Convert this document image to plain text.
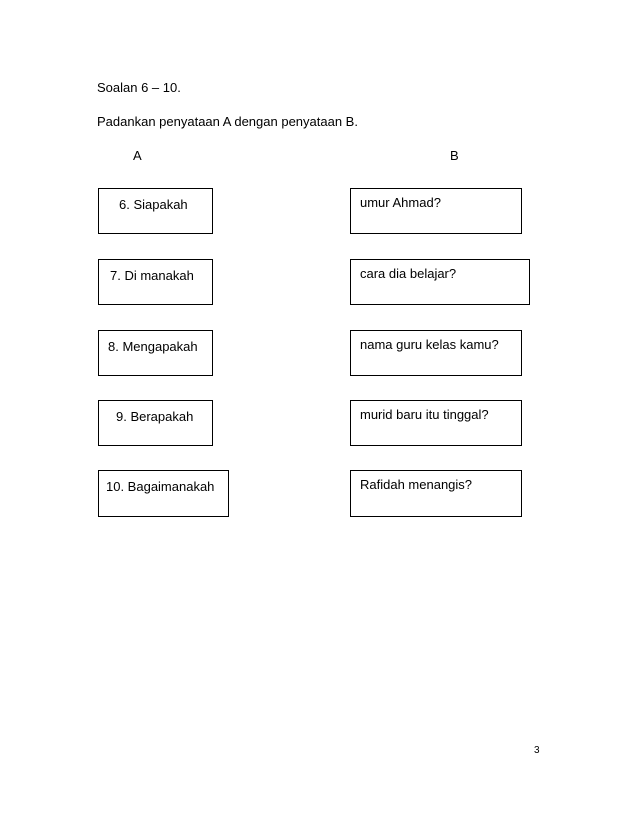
Soalan 6 – 10.
Padankan penyataan A dengan penyataan B.
A	B
6. Siapakah
7. Di manakah
8. Mengapakah
9. Berapakah
10. Bagaimanakah
umur Ahmad?
cara dia belajar?
nama guru kelas kamu?
murid baru itu tinggal?
Rafidah menangis?
3
